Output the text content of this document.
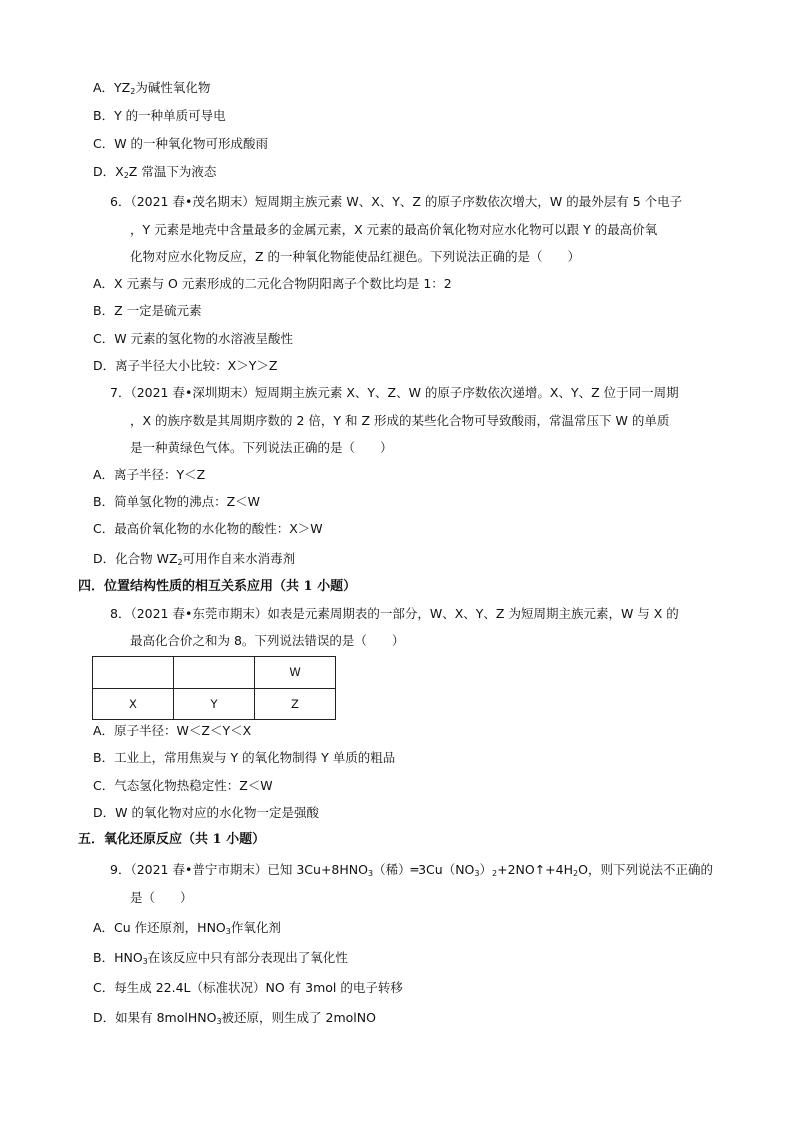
A．$YZ_2$为碱性氧化物
B．Y 的一种单质可导电
C．W 的一种氧化物可形成酸雨
D．$X_2Z$ 常温下为液态
6．（2021 春•茂名期末）短周期主族元素 W、X、Y、Z 的原子序数依次增大，W 的最外层有 5 个电子
，Y 元素是地壳中含量最多的金属元素，X 元素的最高价氧化物对应水化物可以跟 Y 的最高价氧
化物对应水化物反应，Z 的一种氧化物能使品红褪色。下列说法正确的是（　　）
A．X 元素与 O 元素形成的二元化合物阴阳离子个数比均是 1：2
B．Z 一定是硫元素
C．W 元素的氢化物的水溶液呈酸性
D．离子半径大小比较：X＞Y＞Z
7．（2021 春•深圳期末）短周期主族元素 X、Y、Z、W 的原子序数依次递增。X、Y、Z 位于同一周期
，X 的族序数是其周期序数的 2 倍，Y 和 Z 形成的某些化合物可导致酸雨，常温常压下 W 的单质
是一种黄绿色气体。下列说法正确的是（　　）
A．离子半径：Y＜Z
B．简单氢化物的沸点：Z＜W
C．最高价氧化物的水化物的酸性：X＞W
D．化合物 $WZ_2$可用作自来水消毒剂
四．位置结构性质的相互关系应用（共 1 小题）
8．（2021 春•东莞市期末）如表是元素周期表的一部分，W、X、Y、Z 为短周期主族元素，W 与 X 的
最高化合价之和为 8。下列说法错误的是（　　）
		W
X	Y	Z
A．原子半径：W＜Z＜Y＜X
B．工业上，常用焦炭与 Y 的氧化物制得 Y 单质的粗品
C．气态氢化物热稳定性：Z＜W
D．W 的氧化物对应的水化物一定是强酸
五．氧化还原反应（共 1 小题）
9．（2021 春•普宁市期末）已知 $3Cu+8HNO_3$（稀）$═3Cu(NO_3)_2+2NO↑+4H_2O$，则下列说法不正确的
是（　　）
A．Cu 作还原剂，$HNO_3$作氧化剂
B．$HNO_3$在该反应中只有部分表现出了氧化性
C．每生成 22.4L（标准状况）NO 有 3mol 的电子转移
D．如果有 8molHNO$_3$被还原，则生成了 2molNO
